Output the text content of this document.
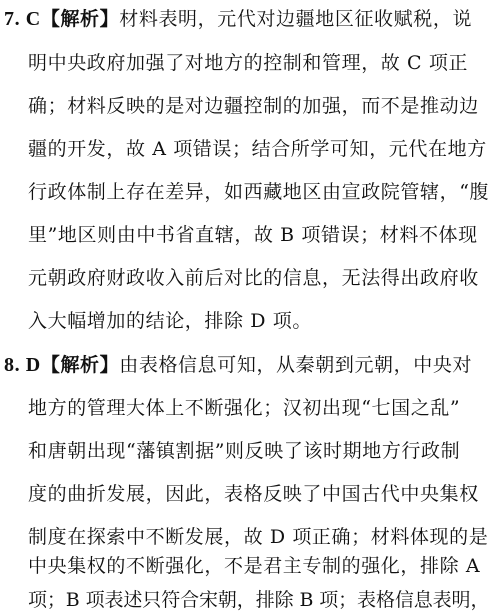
7. C【解析】材料表明，元代对边疆地区征收赋税，说
明中央政府加强了对地方的控制和管理，故 C 项正
确；材料反映的是对边疆控制的加强，而不是推动边
疆的开发，故 A 项错误；结合所学可知，元代在地方
行政体制上存在差异，如西藏地区由宣政院管辖，“腹
里”地区则由中书省直辖，故 B 项错误；材料不体现
元朝政府财政收入前后对比的信息，无法得出政府收
入大幅增加的结论，排除 D 项。
8. D【解析】由表格信息可知，从秦朝到元朝，中央对
地方的管理大体上不断强化；汉初出现“七国之乱”
和唐朝出现“藩镇割据”则反映了该时期地方行政制
度的曲折发展，因此，表格反映了中国古代中央集权
制度在探索中不断发展，故 D 项正确；材料体现的是
中央集权的不断强化，不是君主专制的强化，排除 A
项；B 项表述只符合宋朝，排除 B 项；表格信息表明，
